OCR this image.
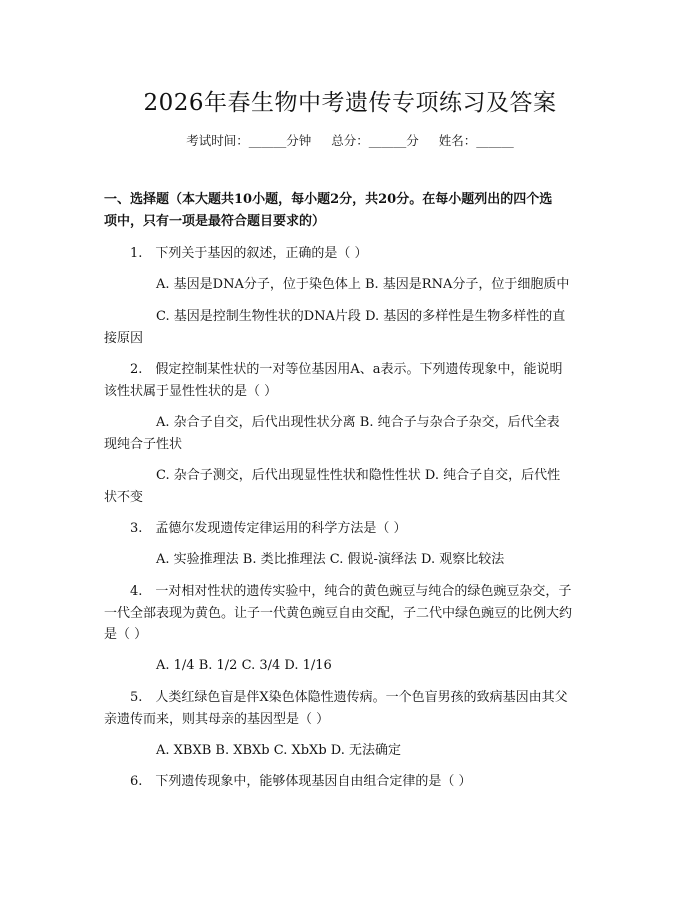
2026年春生物中考遗传专项练习及答案
考试时间：______分钟 总分：______分 姓名：______
一、选择题（本大题共10小题，每小题2分，共20分。在每小题列出的四个选
项中，只有一项是最符合题目要求的）
1.　下列关于基因的叙述，正确的是（ ）
A. 基因是DNA分子，位于染色体上 B. 基因是RNA分子，位于细胞质中
C. 基因是控制生物性状的DNA片段 D. 基因的多样性是生物多样性的直
接原因
2.　假定控制某性状的一对等位基因用A、a表示。下列遗传现象中，能说明
该性状属于显性性状的是（ ）
A. 杂合子自交，后代出现性状分离 B. 纯合子与杂合子杂交，后代全表
现纯合子性状
C. 杂合子测交，后代出现显性性状和隐性性状 D. 纯合子自交，后代性
状不变
3.　孟德尔发现遗传定律运用的科学方法是（ ）
A. 实验推理法 B. 类比推理法 C. 假说-演绎法 D. 观察比较法
4.　一对相对性状的遗传实验中，纯合的黄色豌豆与纯合的绿色豌豆杂交，子
一代全部表现为黄色。让子一代黄色豌豆自由交配，子二代中绿色豌豆的比例大约
是（ ）
A. 1/4 B. 1/2 C. 3/4 D. 1/16
5.　人类红绿色盲是伴X染色体隐性遗传病。一个色盲男孩的致病基因由其父
亲遗传而来，则其母亲的基因型是（ ）
A. XBXB B. XBXb C. XbXb D. 无法确定
6.　下列遗传现象中，能够体现基因自由组合定律的是（ ）
